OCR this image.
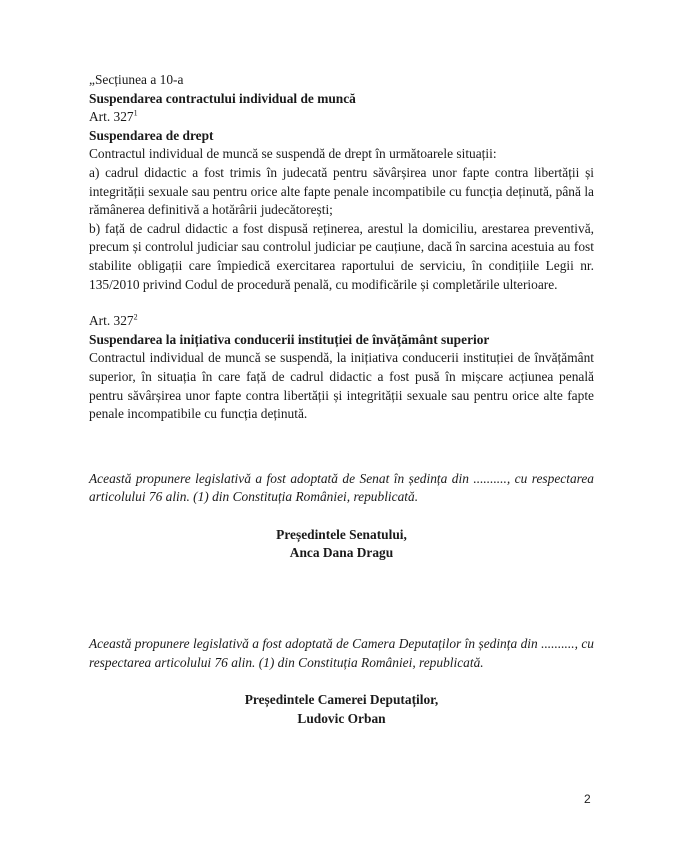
„Secțiunea a 10-a

Suspendarea contractului individual de muncă

Art. $327^1$

Suspendarea de drept

Contractul individual de muncă se suspendă de drept în următoarele situații:

a) cadrul didactic a fost trimis în judecată pentru săvârșirea unor fapte contra libertății și integrității sexuale sau pentru orice alte fapte penale incompatibile cu funcția deținută, până la rămânerea definitivă a hotărârii judecătorești;

b) față de cadrul didactic a fost dispusă reținerea, arestul la domiciliu, arestarea preventivă, precum și controlul judiciar sau controlul judiciar pe cauțiune, dacă în sarcina acestuia au fost stabilite obligații care împiedică exercitarea raportului de serviciu, în condițiile Legii nr. 135/2010 privind Codul de procedură penală, cu modificările și completările ulterioare.

Art. $327^2$

Suspendarea la inițiativa conducerii instituției de învățământ superior

Contractul individual de muncă se suspendă, la inițiativa conducerii instituției de învățământ superior, în situația în care față de cadrul didactic a fost pusă în mișcare acțiunea penală pentru săvârșirea unor fapte contra libertății și integrității sexuale sau pentru orice alte fapte penale incompatibile cu funcția deținută.

Această propunere legislativă a fost adoptată de Senat în ședința din .........., cu respectarea articolului 76 alin. (1) din Constituția României, republicată.

Președintele Senatului,

Anca Dana Dragu

Această propunere legislativă a fost adoptată de Camera Deputaților în ședința din .........., cu respectarea articolului 76 alin. (1) din Constituția României, republicată.

Președintele Camerei Deputaților,

Ludovic Orban

2
